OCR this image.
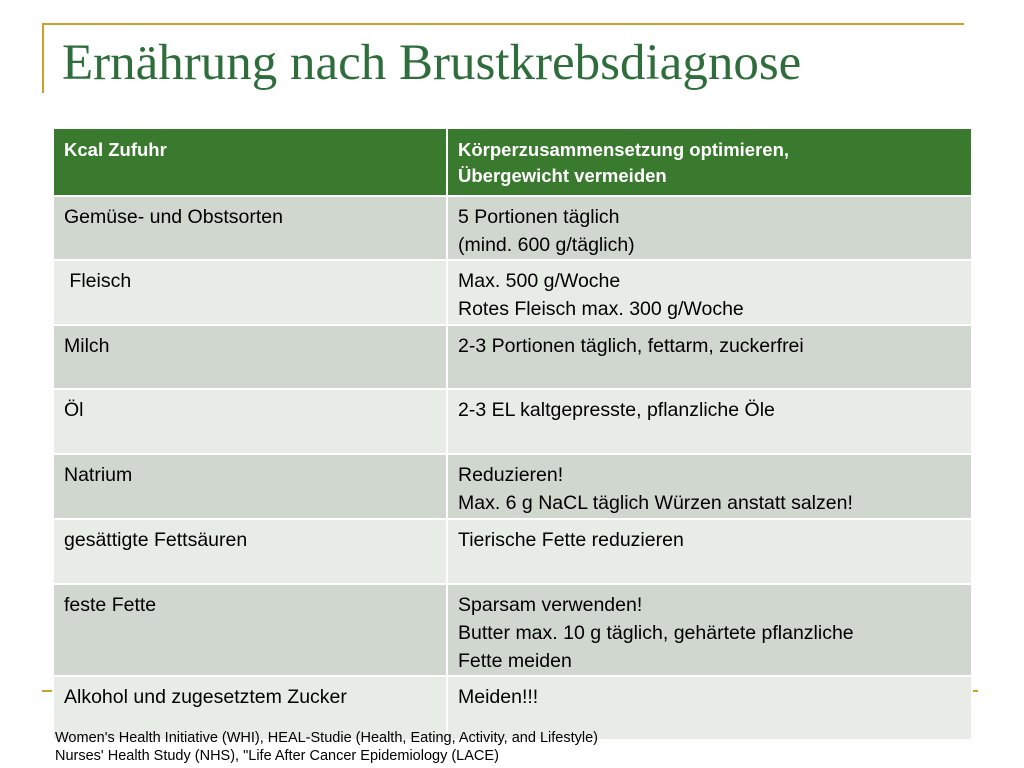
Ernährung nach Brustkrebsdiagnose
Kcal Zufuhr	Körperzusammensetzung optimieren,
Übergewicht vermeiden
Gemüse- und Obstsorten	5 Portionen täglich
(mind. 600 g/täglich)
Fleisch	Max. 500 g/Woche
Rotes Fleisch max. 300 g/Woche
Milch	2-3 Portionen täglich, fettarm, zuckerfrei
Öl	2-3 EL kaltgepresste, pflanzliche Öle
Natrium	Reduzieren!
Max. 6 g NaCL täglich Würzen anstatt salzen!
gesättigte Fettsäuren	Tierische Fette reduzieren
feste Fette	Sparsam verwenden!
Butter max. 10 g täglich, gehärtete pflanzliche
Fette meiden
Alkohol und zugesetztem Zucker	Meiden!!!
Women's Health Initiative (WHI), HEAL-Studie (Health, Eating, Activity, and Lifestyle)
Nurses' Health Study (NHS), "Life After Cancer Epidemiology (LACE)
